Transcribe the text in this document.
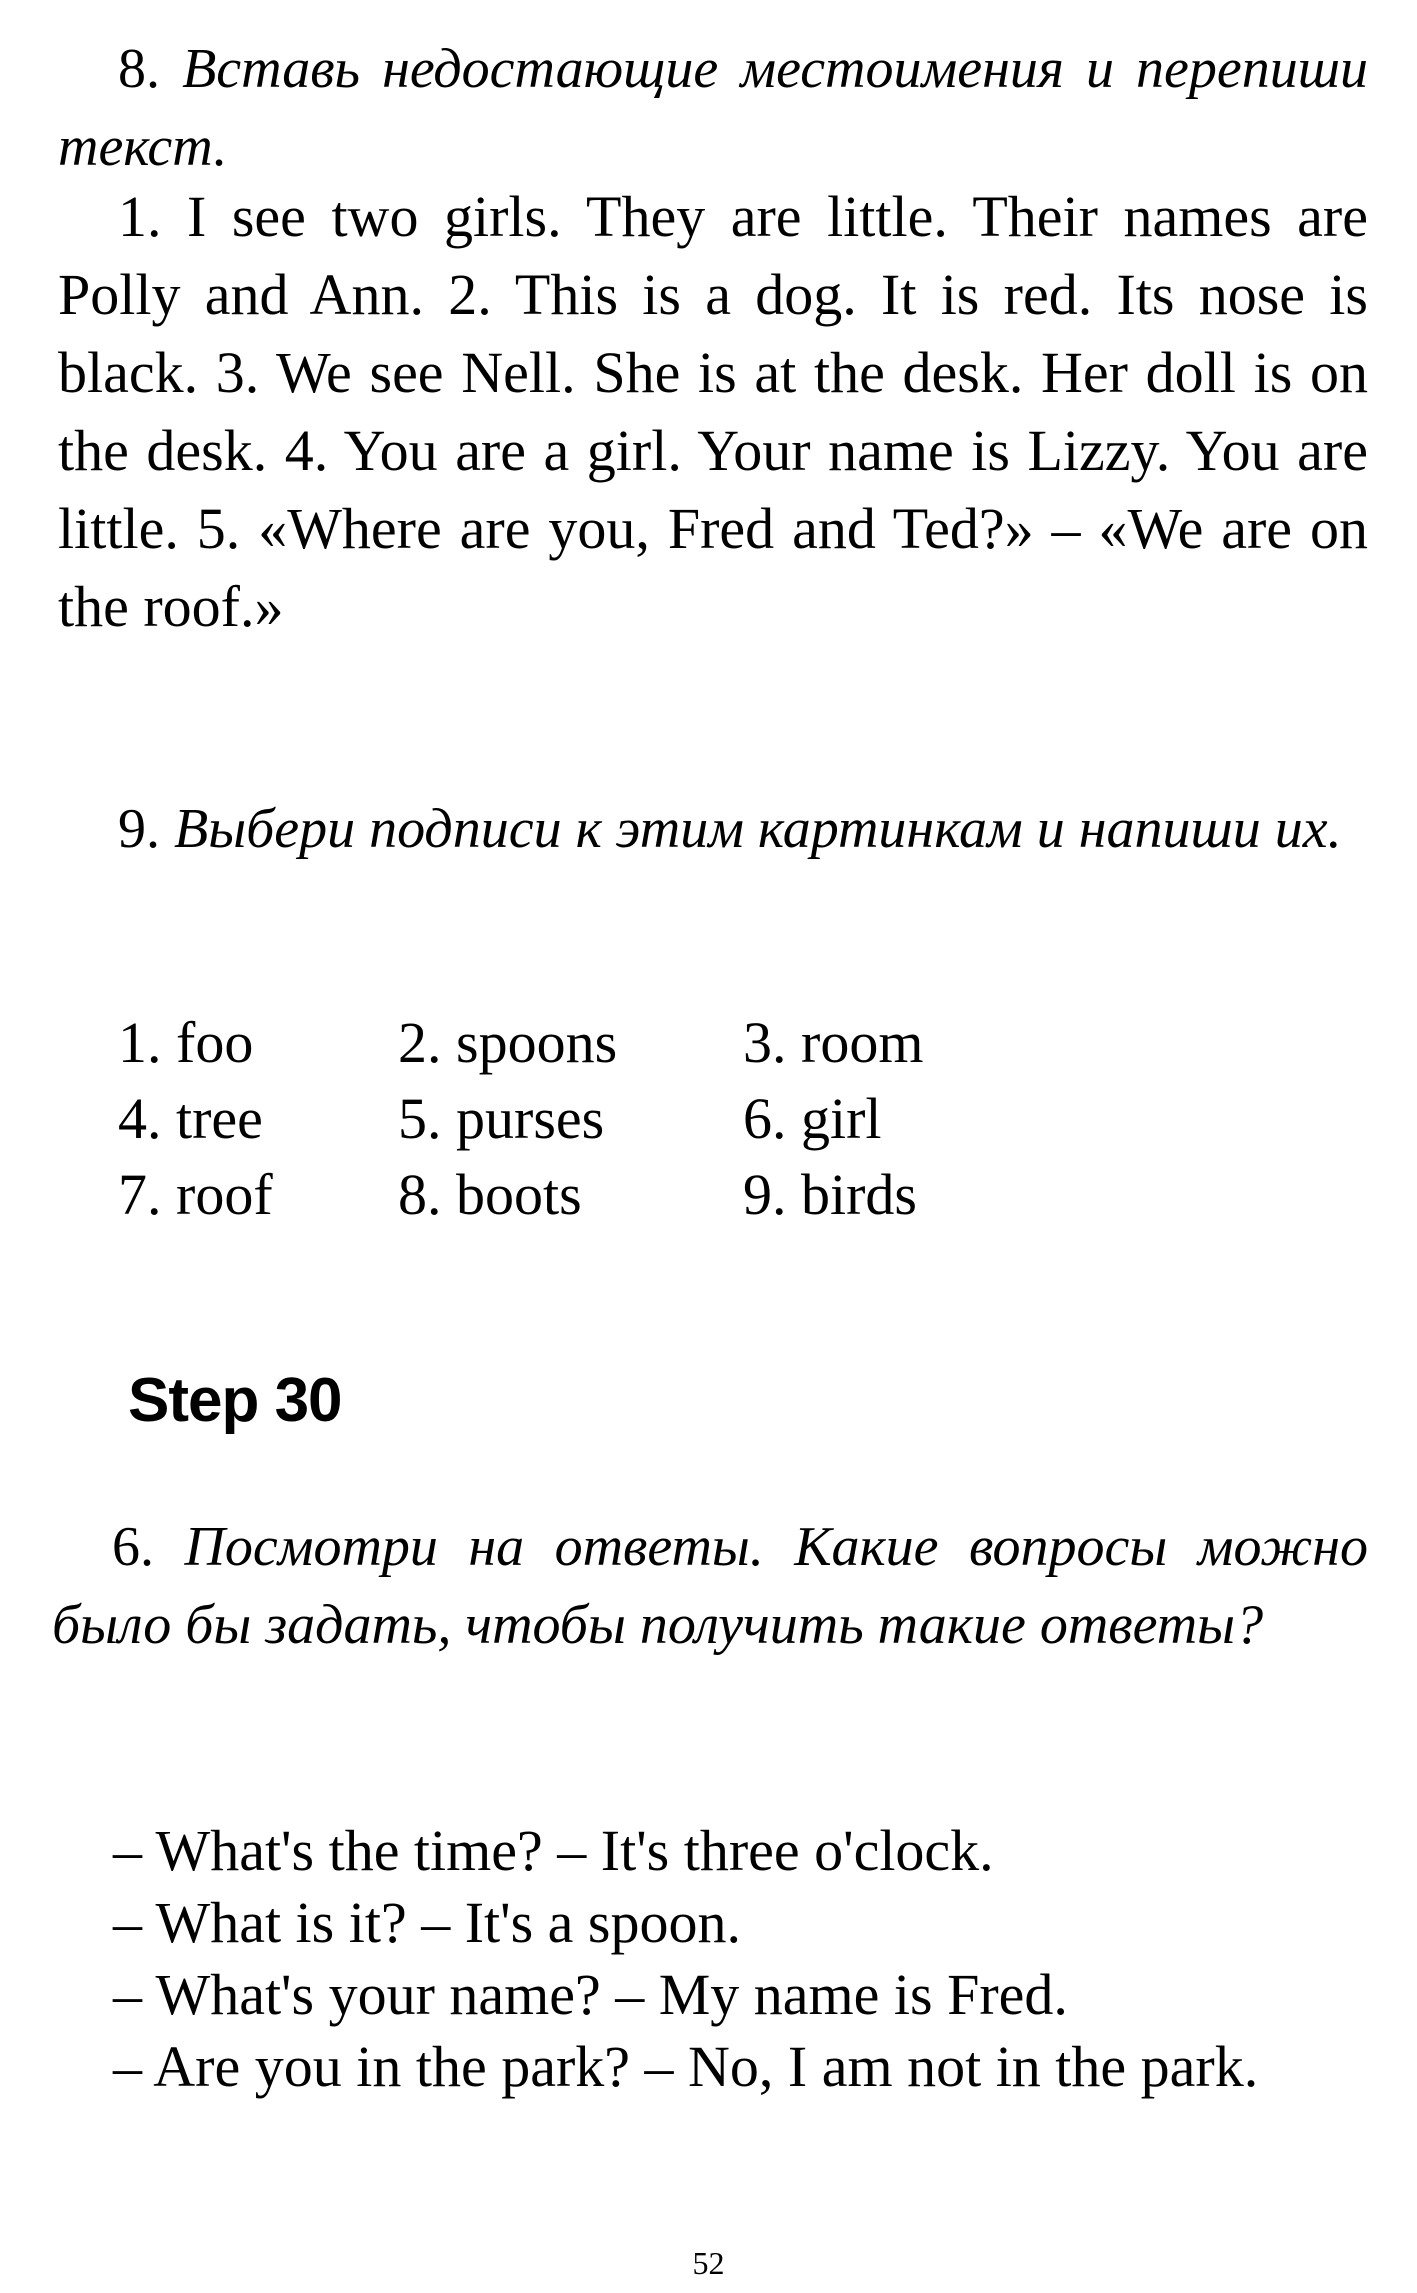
8. Вставь недостающие местоимения и перепиши текст.

1. I see two girls. They are little. Their names are Polly and Ann. 2. This is a dog. It is red. Its nose is black. 3. We see Nell. She is at the desk. Her doll is on the desk. 4. You are a girl. Your name is Lizzy. You are little. 5. «Where are you, Fred and Ted?» – «We are on the roof.»

9. Выбери подписи к этим картинкам и напиши их.

1. foo	2. spoons	3. room
4. tree	5. purses	6. girl
7. roof	8. boots	9. birds
Step 30

6. Посмотри на ответы. Какие вопросы можно было бы задать, чтобы получить такие ответы?

– What's the time? – It's three o'clock.

– What is it? – It's a spoon.

– What's your name? – My name is Fred.

– Are you in the park? – No, I am not in the park.

52
